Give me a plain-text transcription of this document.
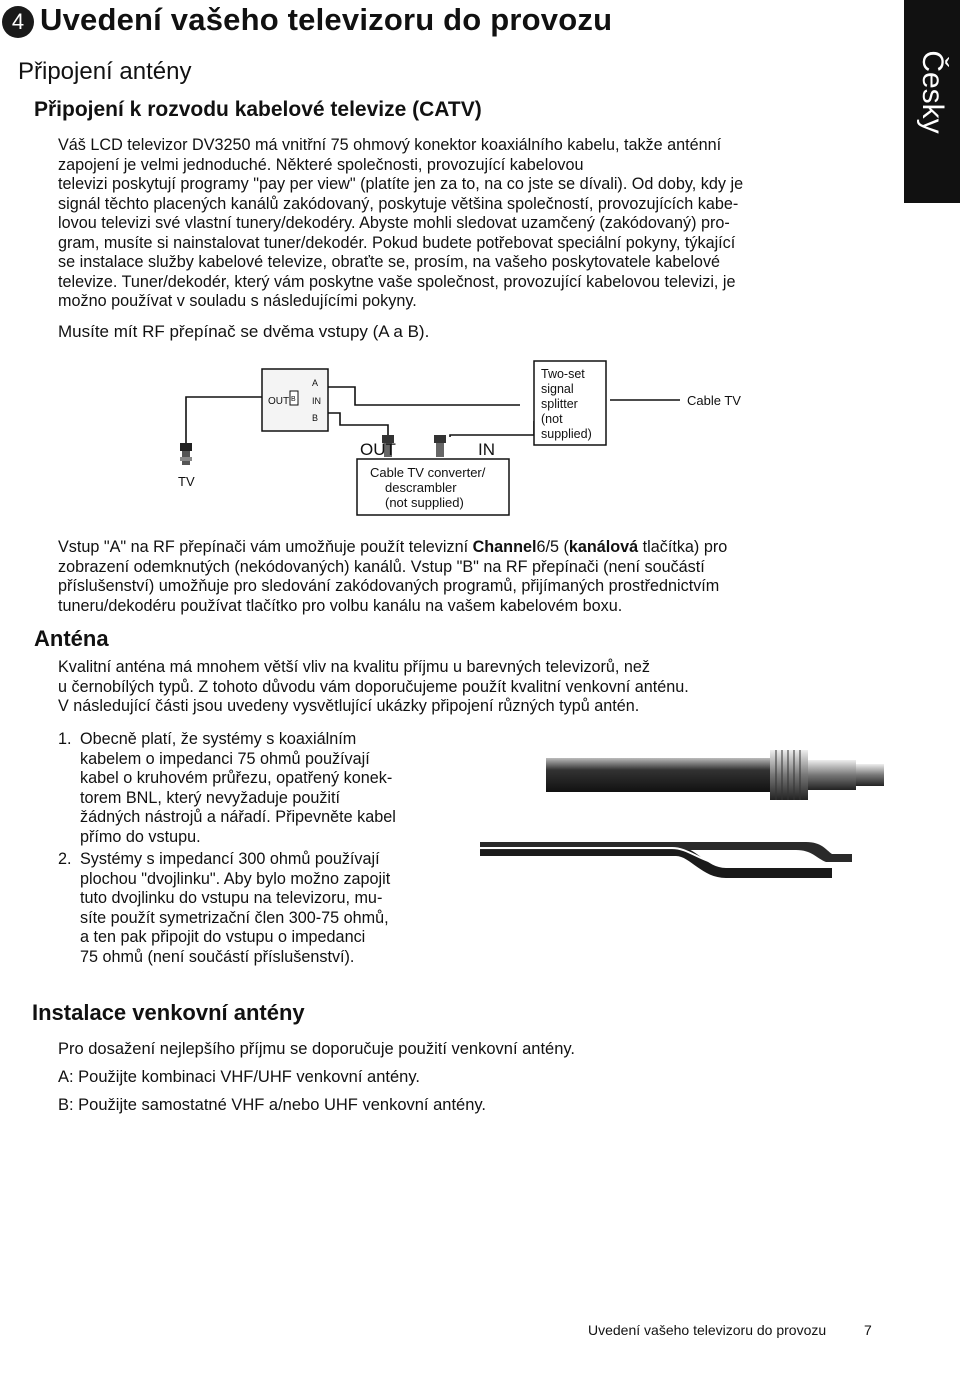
4 Uvedení vašeho televizoru do provozu
Česky
Připojení antény
Připojení k rozvodu kabelové televize (CATV)
Váš LCD televizor DV3250 má vnitřní 75 ohmový konektor koaxiálního kabelu, takže anténní
zapojení je velmi jednoduché. Některé společnosti, provozující kabelovou
televizi poskytují programy "pay per view" (platíte jen za to, na co jste se dívali). Od doby, kdy je
signál těchto placených kanálů zakódovaný, poskytuje většina společností, provozujících kabe-
lovou televizi své vlastní tunery/dekodéry. Abyste mohli sledovat uzamčený (zakódovaný) pro-
gram, musíte si nainstalovat tuner/dekodér. Pokud budete potřebovat speciální pokyny, týkající
se instalace služby kabelové televize, obraťte se, prosím, na vašeho poskytovatele kabelové
televize. Tuner/dekodér, který vám poskytne vaše společnost, provozující kabelovou televizi, je
možno používat v souladu s následujícími pokyny.
Musíte mít RF přepínač se dvěma vstupy (A a B).
OUT B
A
IN
B
Two-set
signal
splitter
(not
supplied)
Cable TV
OUT	IN
TV
Cable TV converter/
descrambler
(not supplied)
Vstup "A" na RF přepínači vám umožňuje použít televizní Channel6/5 (kanálová tlačítka) pro
zobrazení odemknutých (nekódovaných) kanálů. Vstup "B" na RF přepínači (není součástí
příslušenství) umožňuje pro sledování zakódovaných programů, přijímaných prostřednictvím
tuneru/dekodéru používat tlačítko pro volbu kanálu na vašem kabelovém boxu.
Anténa
Kvalitní anténa má mnohem větší vliv na kvalitu příjmu u barevných televizorů, než
u černobílých typů. Z tohoto důvodu vám doporučujeme použít kvalitní venkovní anténu.
V následující části jsou uvedeny vysvětlující ukázky připojení různých typů antén.
1. Obecně platí, že systémy s koaxiálním
kabelem o impedanci 75 ohmů používají
kabel o kruhovém průřezu, opatřený konek-
torem BNL, který nevyžaduje použití
žádných nástrojů a nářadí. Připevněte kabel
přímo do vstupu.
2. Systémy s impedancí 300 ohmů používají
plochou "dvojlinku". Aby bylo možno zapojit
tuto dvojlinku do vstupu na televizoru, mu-
síte použít symetrizační člen 300-75 ohmů,
a ten pak připojit do vstupu o impedanci
75 ohmů (není součástí příslušenství).
Instalace venkovní antény
Pro dosažení nejlepšího příjmu se doporučuje použití venkovní antény.
A: Použijte kombinaci VHF/UHF venkovní antény.
B: Použijte samostatné VHF a/nebo UHF venkovní antény.
Uvedení vašeho televizoru do provozu	7
